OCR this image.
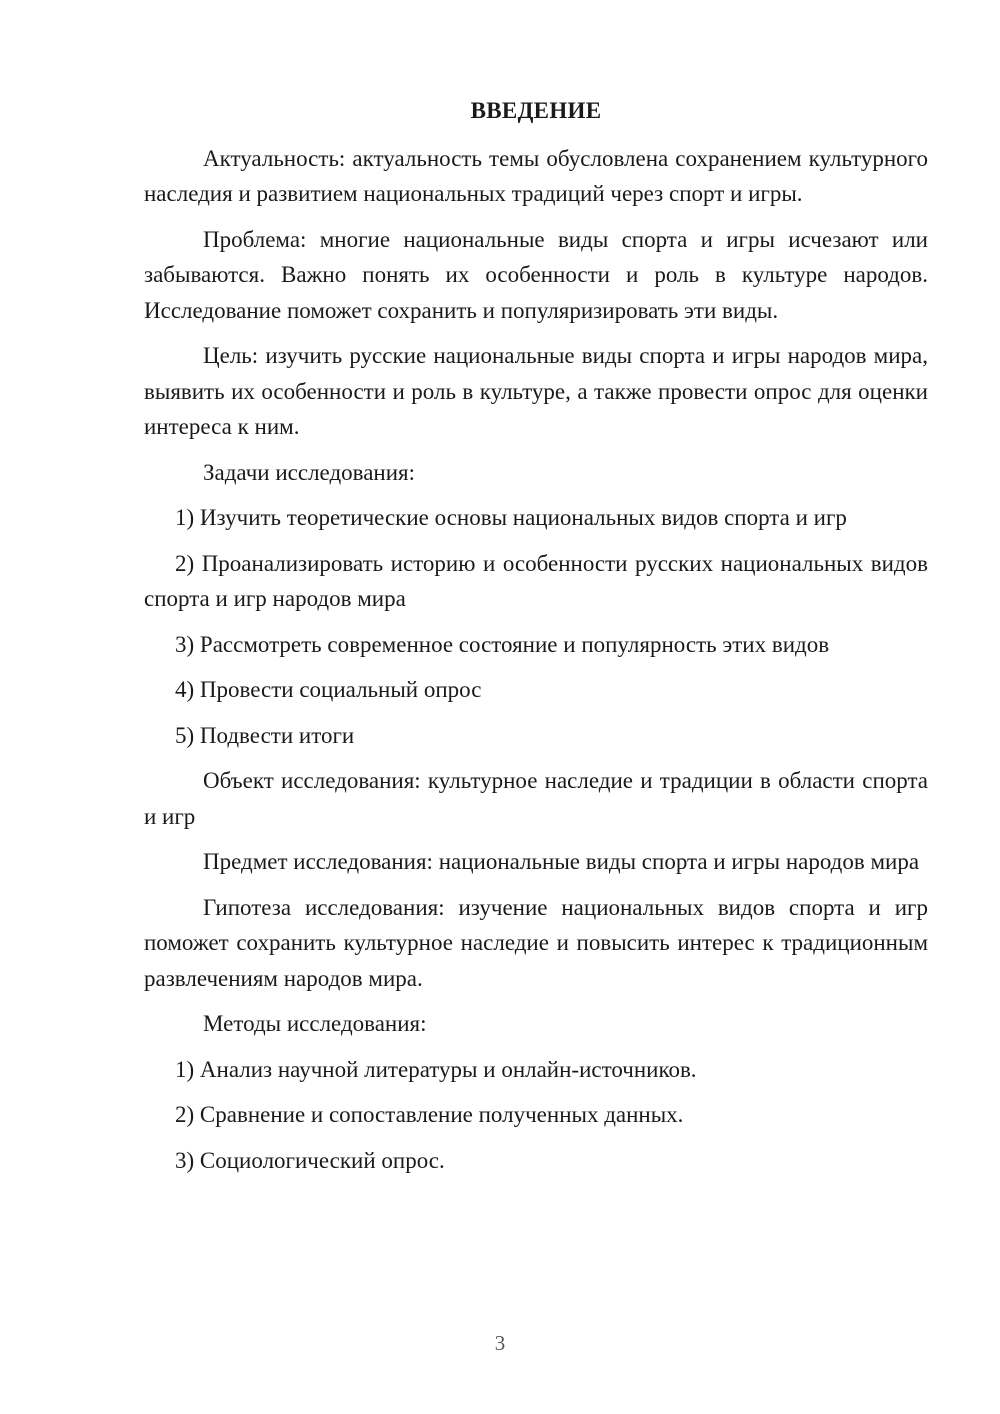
ВВЕДЕНИЕ

Актуальность: актуальность темы обусловлена сохранением культурного наследия и развитием национальных традиций через спорт и игры.

Проблема: многие национальные виды спорта и игры исчезают или забываются. Важно понять их особенности и роль в культуре народов. Исследование поможет сохранить и популяризировать эти виды.

Цель: изучить русские национальные виды спорта и игры народов мира, выявить их особенности и роль в культуре, а также провести опрос для оценки интереса к ним.

Задачи исследования:

1) Изучить теоретические основы национальных видов спорта и игр

2) Проанализировать историю и особенности русских национальных видов спорта и игр народов мира

3) Рассмотреть современное состояние и популярность этих видов

4) Провести социальный опрос

5) Подвести итоги

Объект исследования: культурное наследие и традиции в области спорта и игр

Предмет исследования: национальные виды спорта и игры народов мира

Гипотеза исследования: изучение национальных видов спорта и игр поможет сохранить культурное наследие и повысить интерес к традиционным развлечениям народов мира.

Методы исследования:

1) Анализ научной литературы и онлайн-источников.

2) Сравнение и сопоставление полученных данных.

3) Социологический опрос.

3
